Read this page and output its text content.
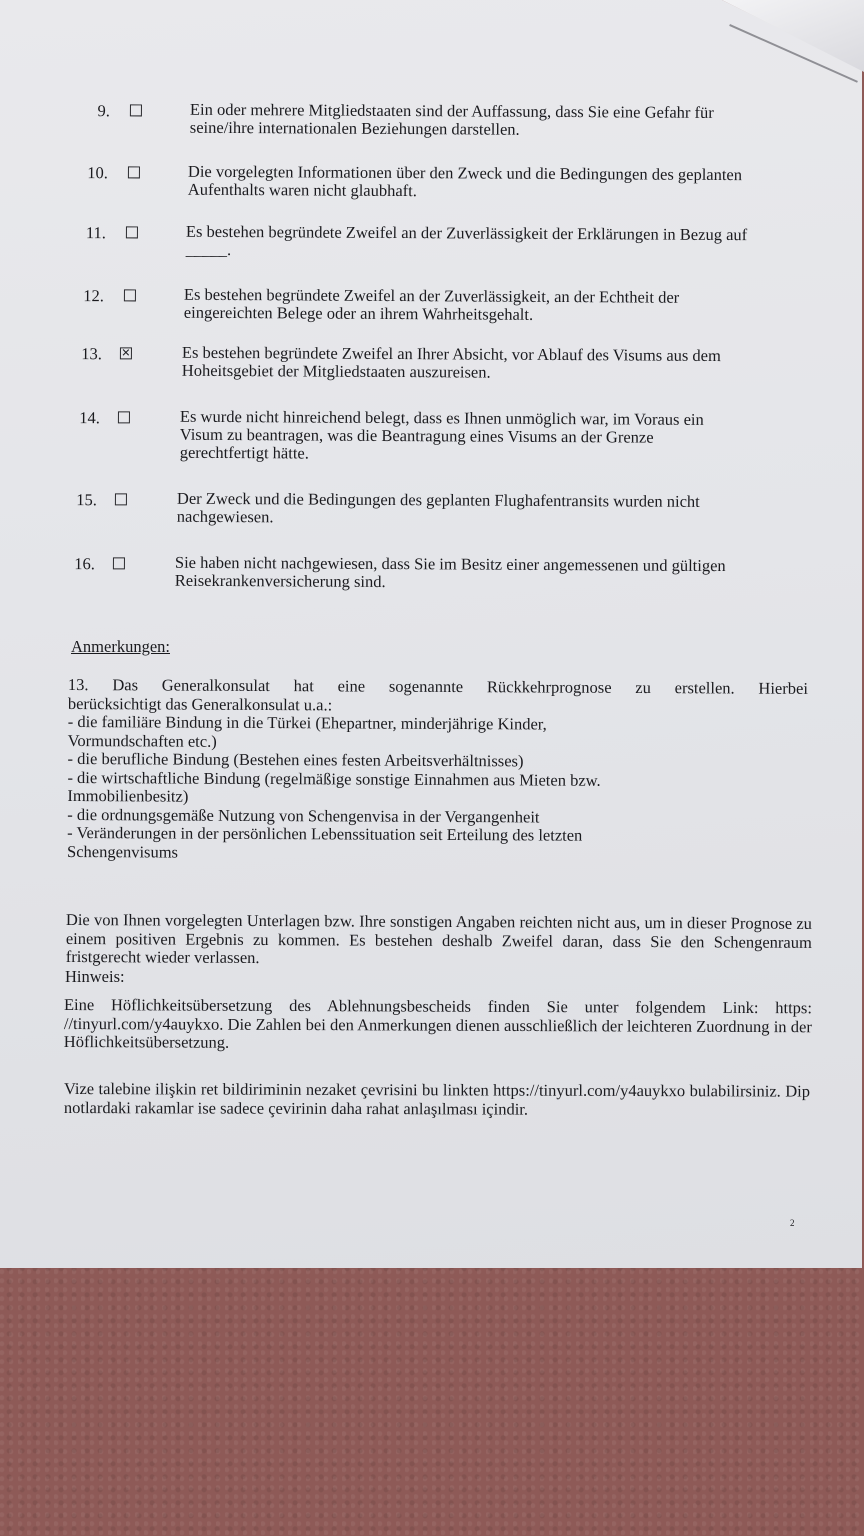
9.	Ein oder mehrere Mitgliedstaaten sind der Auffassung, dass Sie eine Gefahr für
seine/ihre internationalen Beziehungen darstellen.
10.	Die vorgelegten Informationen über den Zweck und die Bedingungen des geplanten
Aufenthalts waren nicht glaubhaft.
11.	Es bestehen begründete Zweifel an der Zuverlässigkeit der Erklärungen in Bezug auf
_____.
12.	Es bestehen begründete Zweifel an der Zuverlässigkeit, an der Echtheit der
eingereichten Belege oder an ihrem Wahrheitsgehalt.
13. ✕	Es bestehen begründete Zweifel an Ihrer Absicht, vor Ablauf des Visums aus dem
Hoheitsgebiet der Mitgliedstaaten auszureisen.
14.	Es wurde nicht hinreichend belegt, dass es Ihnen unmöglich war, im Voraus ein
Visum zu beantragen, was die Beantragung eines Visums an der Grenze
gerechtfertigt hätte.
15.	Der Zweck und die Bedingungen des geplanten Flughafentransits wurden nicht
nachgewiesen.
16.	Sie haben nicht nachgewiesen, dass Sie im Besitz einer angemessenen und gültigen
Reisekrankenversicherung sind.
Anmerkungen:
13. Das Generalkonsulat hat eine sogenannte Rückkehrprognose zu erstellen. Hierbei
berücksichtigt das Generalkonsulat u.a.:
- die familiäre Bindung in die Türkei (Ehepartner, minderjährige Kinder,
Vormundschaften etc.)
- die berufliche Bindung (Bestehen eines festen Arbeitsverhältnisses)
- die wirtschaftliche Bindung (regelmäßige sonstige Einnahmen aus Mieten bzw.
Immobilienbesitz)
- die ordnungsgemäße Nutzung von Schengenvisa in der Vergangenheit
- Veränderungen in der persönlichen Lebenssituation seit Erteilung des letzten
Schengenvisums
Die von Ihnen vorgelegten Unterlagen bzw. Ihre sonstigen Angaben reichten nicht aus, um in dieser Prognose zu einem positiven Ergebnis zu kommen. Es bestehen deshalb Zweifel daran, dass Sie den Schengenraum fristgerecht wieder verlassen.
Hinweis:
Eine Höflichkeitsübersetzung des Ablehnungsbescheids finden Sie unter folgendem Link: https: //tinyurl.com/y4auykxo. Die Zahlen bei den Anmerkungen dienen ausschließlich der leichteren Zuordnung in der Höflichkeitsübersetzung.
Vize talebine ilişkin ret bildiriminin nezaket çevrisini bu linkten https://tinyurl.com/y4auykxo bulabilirsiniz. Dip notlardaki rakamlar ise sadece çevirinin daha rahat anlaşılması içindir.
2
